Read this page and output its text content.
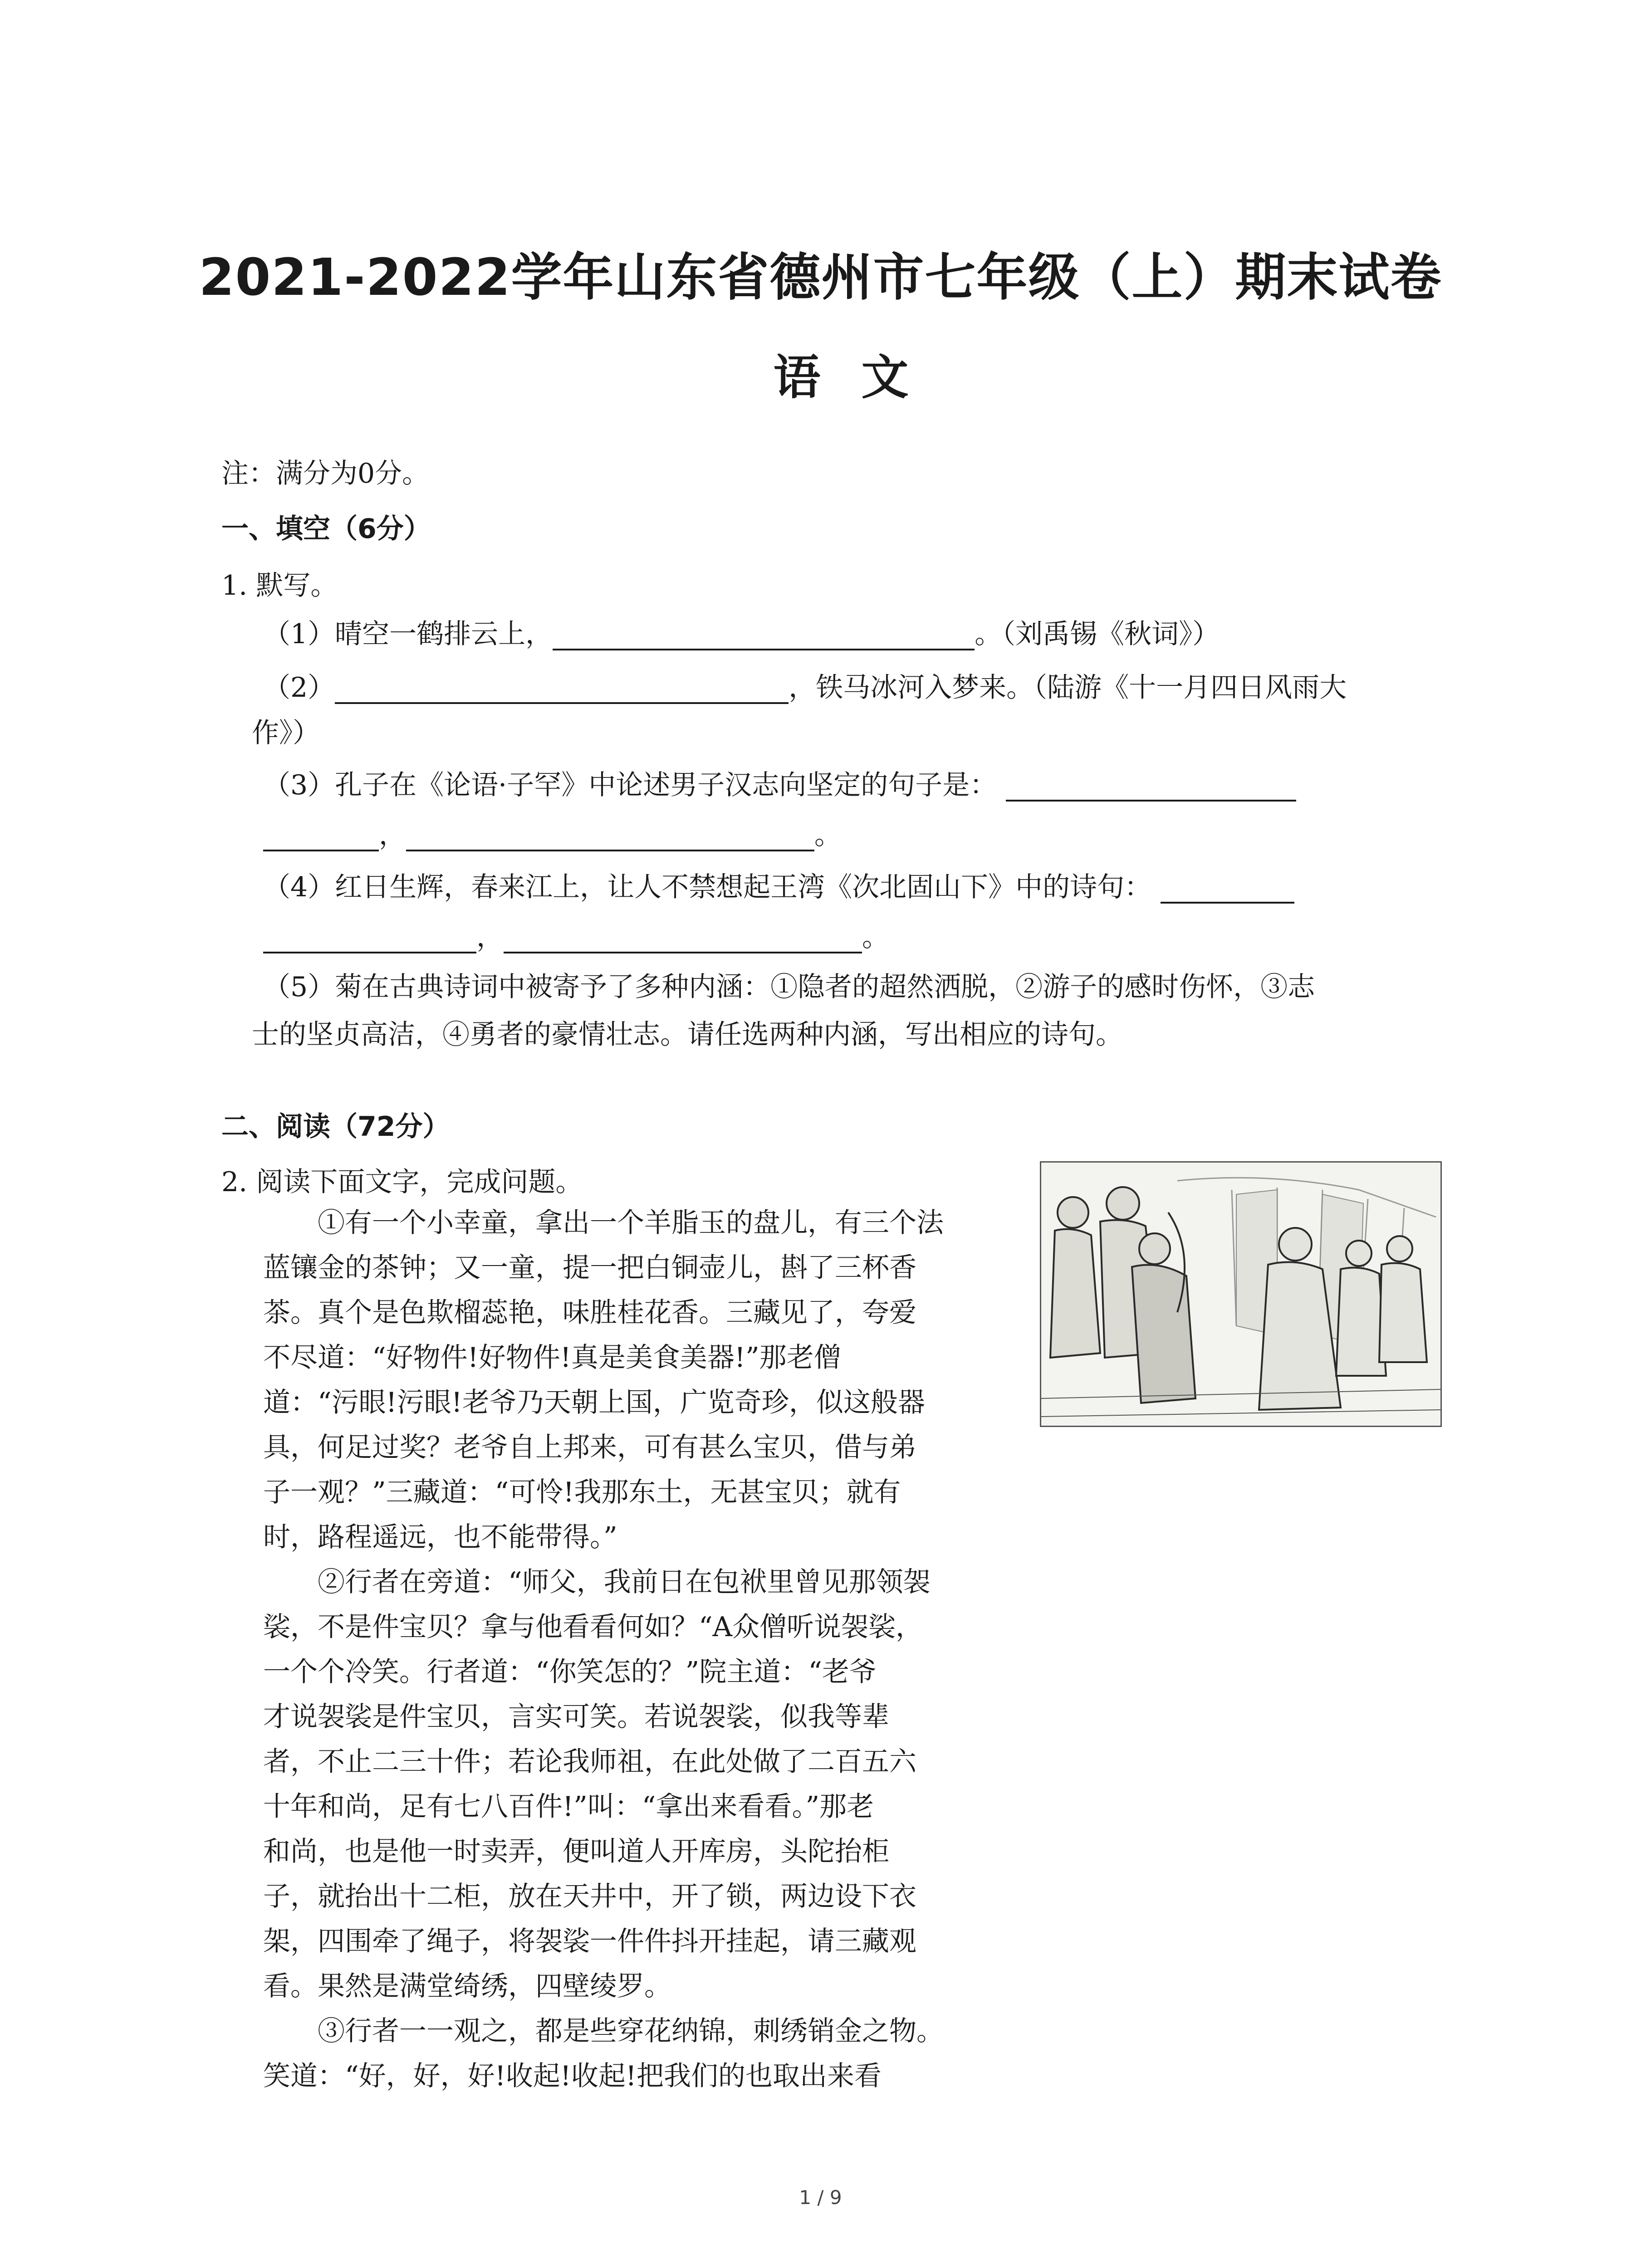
2021-2022学年山东省德州市七年级（上）期末试卷
语文
注：满分为0分。
一、填空（6分）
1. 默写。
（1）晴空一鹤排云上，	。（刘禹锡《秋词》）
（2）	，铁马冰河入梦来。（陆游《十一月四日风雨大
作》）
（3）孔子在《论语·子罕》中论述男子汉志向坚定的句子是：
，	。
（4）红日生辉，春来江上，让人不禁想起王湾《次北固山下》中的诗句：
，	。
（5）菊在古典诗词中被寄予了多种内涵：①隐者的超然洒脱，②游子的感时伤怀，③志
士的坚贞高洁，④勇者的豪情壮志。请任选两种内涵，写出相应的诗句。
二、阅读（72分）
2. 阅读下面文字，完成问题。
①有一个小幸童，拿出一个羊脂玉的盘儿，有三个法
蓝镶金的茶钟；又一童，提一把白铜壶儿，斟了三杯香
茶。真个是色欺榴蕊艳，味胜桂花香。三藏见了，夸爱
不尽道：“好物件!好物件!真是美食美器!”那老僧
道：“污眼!污眼!老爷乃天朝上国，广览奇珍，似这般器
具，何足过奖？老爷自上邦来，可有甚么宝贝，借与弟
子一观？”三藏道：“可怜!我那东土，无甚宝贝；就有
时，路程遥远，也不能带得。”
②行者在旁道：“师父，我前日在包袱里曾见那领袈
裟，不是件宝贝？拿与他看看何如？“A众僧听说袈裟，
一个个冷笑。行者道：“你笑怎的？”院主道：“老爷
才说袈裟是件宝贝，言实可笑。若说袈裟，似我等辈
者，不止二三十件；若论我师祖，在此处做了二百五六
十年和尚，足有七八百件!”叫：“拿出来看看。”那老
和尚，也是他一时卖弄，便叫道人开库房，头陀抬柜
子，就抬出十二柜，放在天井中，开了锁，两边设下衣
架，四围牵了绳子，将袈裟一件件抖开挂起，请三藏观
看。果然是满堂绮绣，四壁绫罗。
③行者一一观之，都是些穿花纳锦，刺绣销金之物。
笑道：“好，好，好!收起!收起!把我们的也取出来看
1 / 9
